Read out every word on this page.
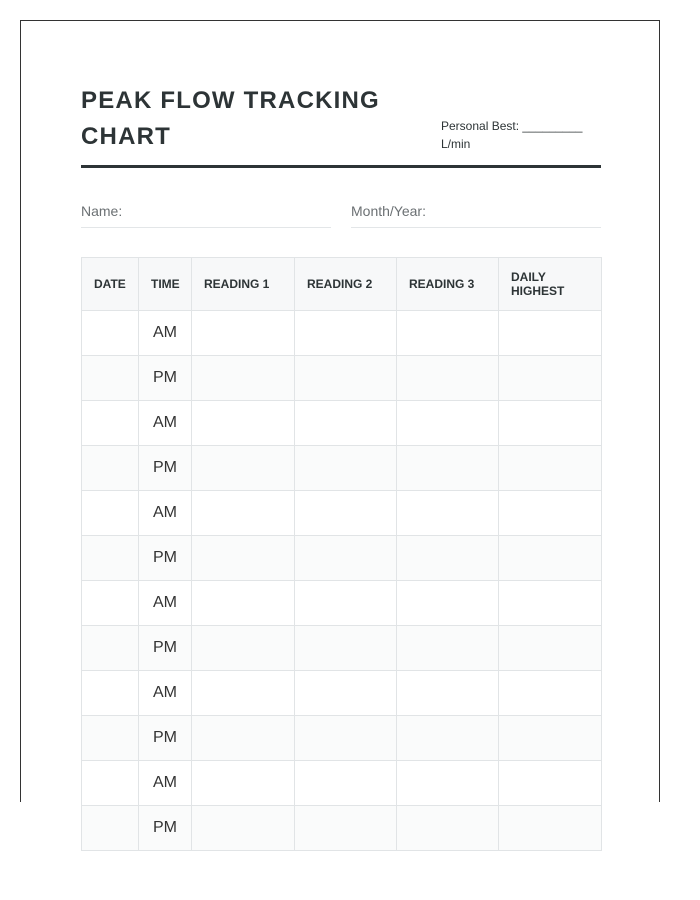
PEAK FLOW TRACKING CHART	Personal Best: _________
L/min
Name:	Month/Year:
DATE	TIME	READING 1	READING 2	READING 3	DAILY HIGHEST
	AM				
	PM				
	AM				
	PM				
	AM				
	PM				
	AM				
	PM				
	AM				
	PM				
	AM				
	PM				
